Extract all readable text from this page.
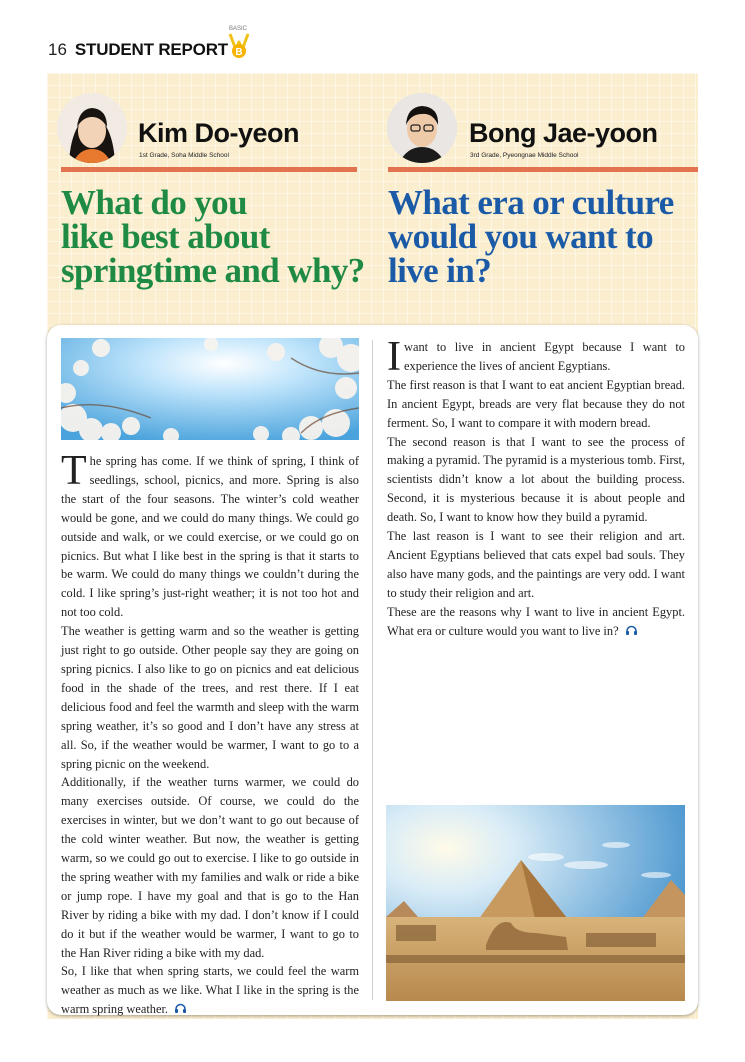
16 STUDENT REPORT
BASIC
B
Kim Do-yeon
1st Grade, Soha Middle School
What do you
like best about
springtime and why?
Bong Jae-yoon
3rd Grade, Pyeongnae Middle School
What era or culture
would you want to
live in?

The spring has come. If we think of spring, I think of seedlings, school, picnics, and more. Spring is also the start of the four seasons. The winter’s cold weather would be gone, and we could do many things. We could go outside and walk, or we could exercise, or we could go on picnics. But what I like best in the spring is that it starts to be warm. We could do many things we couldn’t during the cold. I like spring’s just-right weather; it is not too hot and not too cold.

The weather is getting warm and so the weather is getting just right to go outside. Other people say they are going on spring picnics. I also like to go on picnics and eat delicious food in the shade of the trees, and rest there. If I eat delicious food and feel the warmth and sleep with the warm spring weather, it’s so good and I don’t have any stress at all. So, if the weather would be warmer, I want to go to a spring picnic on the weekend.

Additionally, if the weather turns warmer, we could do many exercises outside. Of course, we could do the exercises in winter, but we don’t want to go out because of the cold winter weather. But now, the weather is getting warm, so we could go out to exercise. I like to go outside in the spring weather with my families and walk or ride a bike or jump rope. I have my goal and that is go to the Han River by riding a bike with my dad. I don’t know if I could do it but if the weather would be warmer, I want to go to the Han River riding a bike with my dad.

So, I like that when spring starts, we could feel the warm weather as much as we like. What I like in the spring is the warm spring weather.

Iwant to live in ancient Egypt because I want to experience the lives of ancient Egyptians.

The first reason is that I want to eat ancient Egyptian bread. In ancient Egypt, breads are very flat because they do not ferment. So, I want to compare it with modern bread.

The second reason is that I want to see the process of making a pyramid. The pyramid is a mysterious tomb. First, scientists didn’t know a lot about the building process. Second, it is mysterious because it is about people and death. So, I want to know how they build a pyramid.

The last reason is I want to see their religion and art. Ancient Egyptians believed that cats expel bad souls. They also have many gods, and the paintings are very odd. I want to study their religion and art.

These are the reasons why I want to live in ancient Egypt. What era or culture would you want to live in?
